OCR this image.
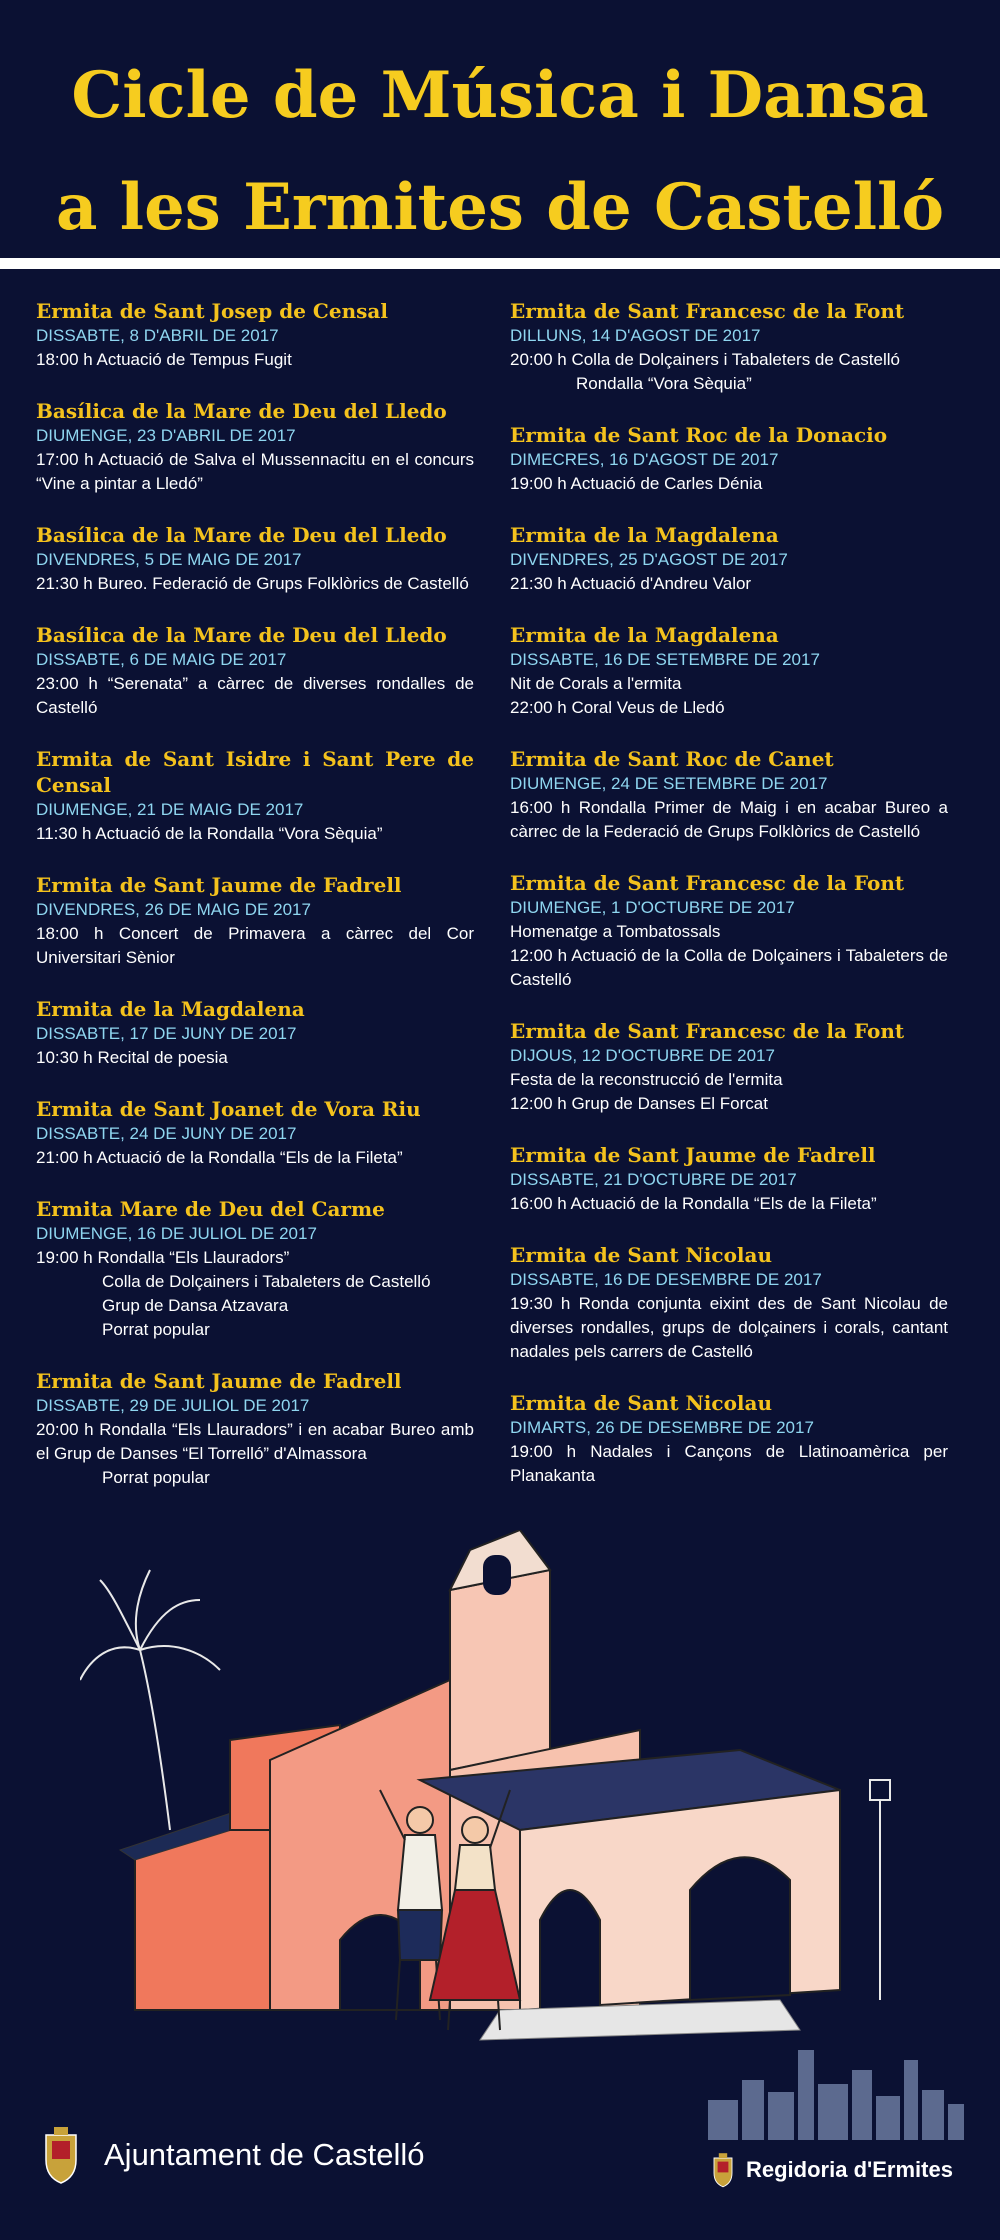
Cicle de Música i Dansa
a les Ermites de Castelló
Ermita de Sant Josep de Censal
DISSABTE, 8 D'ABRIL DE 2017
18:00 h Actuació de Tempus Fugit
Basílica de la Mare de Deu del Lledo
DIUMENGE, 23 D'ABRIL DE 2017
17:00 h Actuació de Salva el Mussennacitu en el concurs “Vine a pintar a Lledó”
Basílica de la Mare de Deu del Lledo
DIVENDRES, 5 DE MAIG DE 2017
21:30 h Bureo. Federació de Grups Folklòrics de Castelló
Basílica de la Mare de Deu del Lledo
DISSABTE, 6 DE MAIG DE 2017
23:00 h “Serenata” a càrrec de diverses rondalles de Castelló
Ermita de Sant Isidre i Sant Pere de Censal
DIUMENGE, 21 DE MAIG DE 2017
11:30 h Actuació de la Rondalla “Vora Sèquia”
Ermita de Sant Jaume de Fadrell
DIVENDRES, 26 DE MAIG DE 2017
18:00 h Concert de Primavera a càrrec del Cor Universitari Sènior
Ermita de la Magdalena
DISSABTE, 17 DE JUNY DE 2017
10:30 h Recital de poesia
Ermita de Sant Joanet de Vora Riu
DISSABTE, 24 DE JUNY DE 2017
21:00 h Actuació de la Rondalla “Els de la Fileta”
Ermita Mare de Deu del Carme
DIUMENGE, 16 DE JULIOL DE 2017
19:00 h Rondalla “Els Llauradors”
Colla de Dolçainers i Tabaleters de Castelló
Grup de Dansa Atzavara
Porrat popular
Ermita de Sant Jaume de Fadrell
DISSABTE, 29 DE JULIOL DE 2017
20:00 h Rondalla “Els Llauradors” i en acabar Bureo amb el Grup de Danses “El Torrelló” d'Almassora
Porrat popular
Ermita de Sant Francesc de la Font
DILLUNS, 14 D'AGOST DE 2017
20:00 h Colla de Dolçainers i Tabaleters de Castelló
Rondalla “Vora Sèquia”
Ermita de Sant Roc de la Donacio
DIMECRES, 16 D'AGOST DE 2017
19:00 h Actuació de Carles Dénia
Ermita de la Magdalena
DIVENDRES, 25 D'AGOST DE 2017
21:30 h Actuació d'Andreu Valor
Ermita de la Magdalena
DISSABTE, 16 DE SETEMBRE DE 2017
Nit de Corals a l'ermita
22:00 h Coral Veus de Lledó
Ermita de Sant Roc de Canet
DIUMENGE, 24 DE SETEMBRE DE 2017
16:00 h Rondalla Primer de Maig i en acabar Bureo a càrrec de la Federació de Grups Folklòrics de Castelló
Ermita de Sant Francesc de la Font
DIUMENGE, 1 D'OCTUBRE DE 2017
Homenatge a Tombatossals
12:00 h Actuació de la Colla de Dolçainers i Tabaleters de Castelló
Ermita de Sant Francesc de la Font
DIJOUS, 12 D'OCTUBRE DE 2017
Festa de la reconstrucció de l'ermita
12:00 h Grup de Danses El Forcat
Ermita de Sant Jaume de Fadrell
DISSABTE, 21 D'OCTUBRE DE 2017
16:00 h Actuació de la Rondalla “Els de la Fileta”
Ermita de Sant Nicolau
DISSABTE, 16 DE DESEMBRE DE 2017
19:30 h Ronda conjunta eixint des de Sant Nicolau de diverses rondalles, grups de dolçainers i corals, cantant nadales pels carrers de Castelló
Ermita de Sant Nicolau
DIMARTS, 26 DE DESEMBRE DE 2017
19:00 h Nadales i Cançons de Llatinoamèrica per Planakanta
Ajuntament de Castelló	Regidoria d'Ermites
